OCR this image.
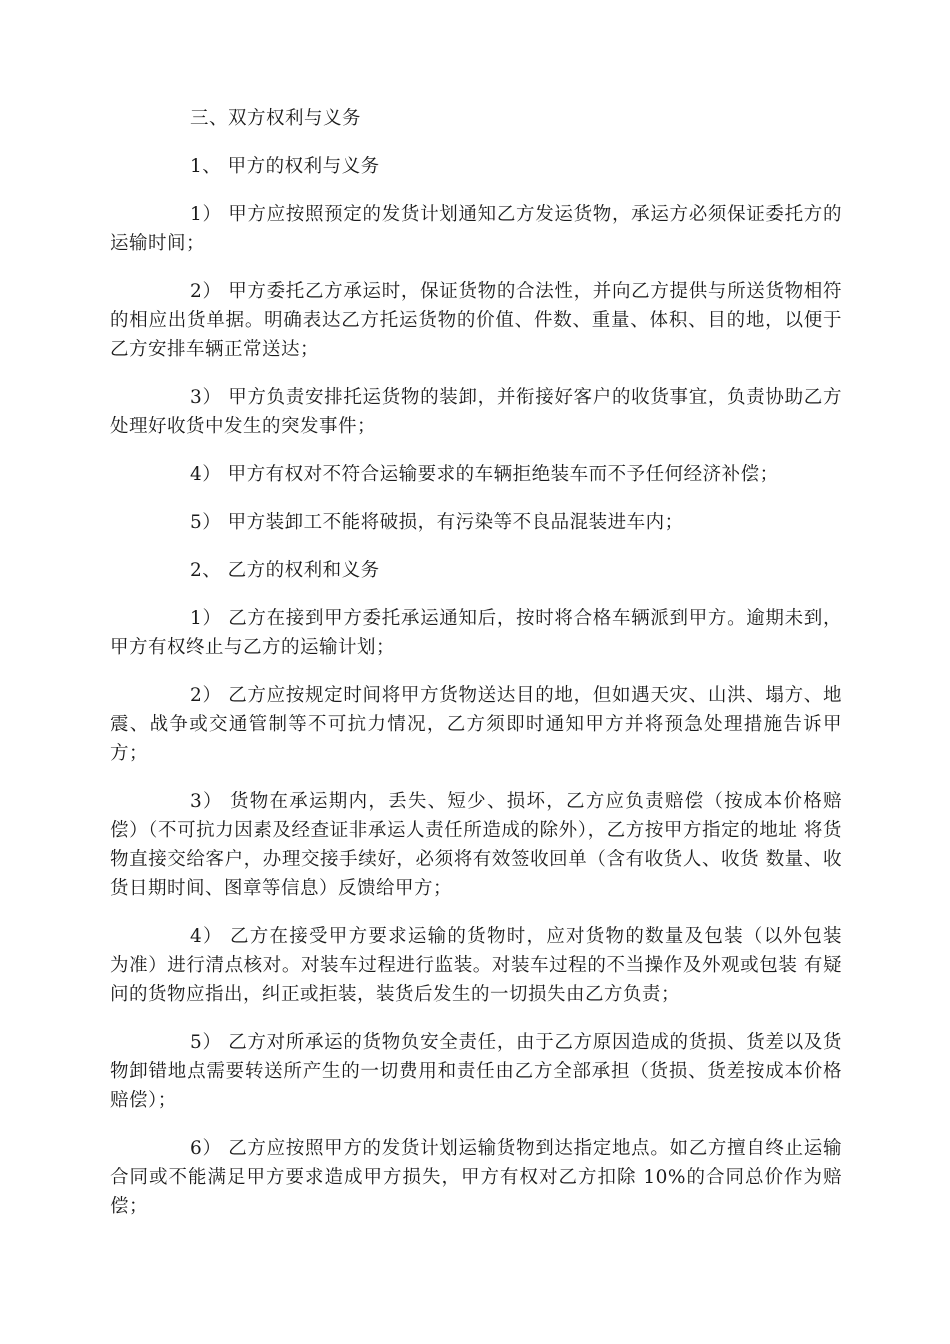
三、双方权利与义务

1、 甲方的权利与义务

1） 甲方应按照预定的发货计划通知乙方发运货物，承运方必须保证委托方的运输时间；

2） 甲方委托乙方承运时，保证货物的合法性，并向乙方提供与所送货物相符的相应出货单据。明确表达乙方托运货物的价值、件数、重量、体积、目的地，以便于乙方安排车辆正常送达；

3） 甲方负责安排托运货物的装卸，并衔接好客户的收货事宜，负责协助乙方处理好收货中发生的突发事件；

4） 甲方有权对不符合运输要求的车辆拒绝装车而不予任何经济补偿；

5） 甲方装卸工不能将破损，有污染等不良品混装进车内；

2、 乙方的权利和义务

1） 乙方在接到甲方委托承运通知后，按时将合格车辆派到甲方。逾期未到，甲方有权终止与乙方的运输计划；

2） 乙方应按规定时间将甲方货物送达目的地，但如遇天灾、山洪、塌方、地震、战争或交通管制等不可抗力情况，乙方须即时通知甲方并将预急处理措施告诉甲方；

3） 货物在承运期内，丢失、短少、损坏，乙方应负责赔偿（按成本价格赔 偿）（不可抗力因素及经查证非承运人责任所造成的除外），乙方按甲方指定的地址 将货物直接交给客户，办理交接手续好，必须将有效签收回单（含有收货人、收货 数量、收货日期时间、图章等信息）反馈给甲方；

4） 乙方在接受甲方要求运输的货物时，应对货物的数量及包装（以外包装 为准）进行清点核对。对装车过程进行监装。对装车过程的不当操作及外观或包装 有疑问的货物应指出，纠正或拒装，装货后发生的一切损失由乙方负责；

5） 乙方对所承运的货物负安全责任，由于乙方原因造成的货损、货差以及货物卸错地点需要转送所产生的一切费用和责任由乙方全部承担（货损、货差按成本价格赔偿）；

6） 乙方应按照甲方的发货计划运输货物到达指定地点。如乙方擅自终止运输合同或不能满足甲方要求造成甲方损失，甲方有权对乙方扣除 10%的合同总价作为赔偿；
